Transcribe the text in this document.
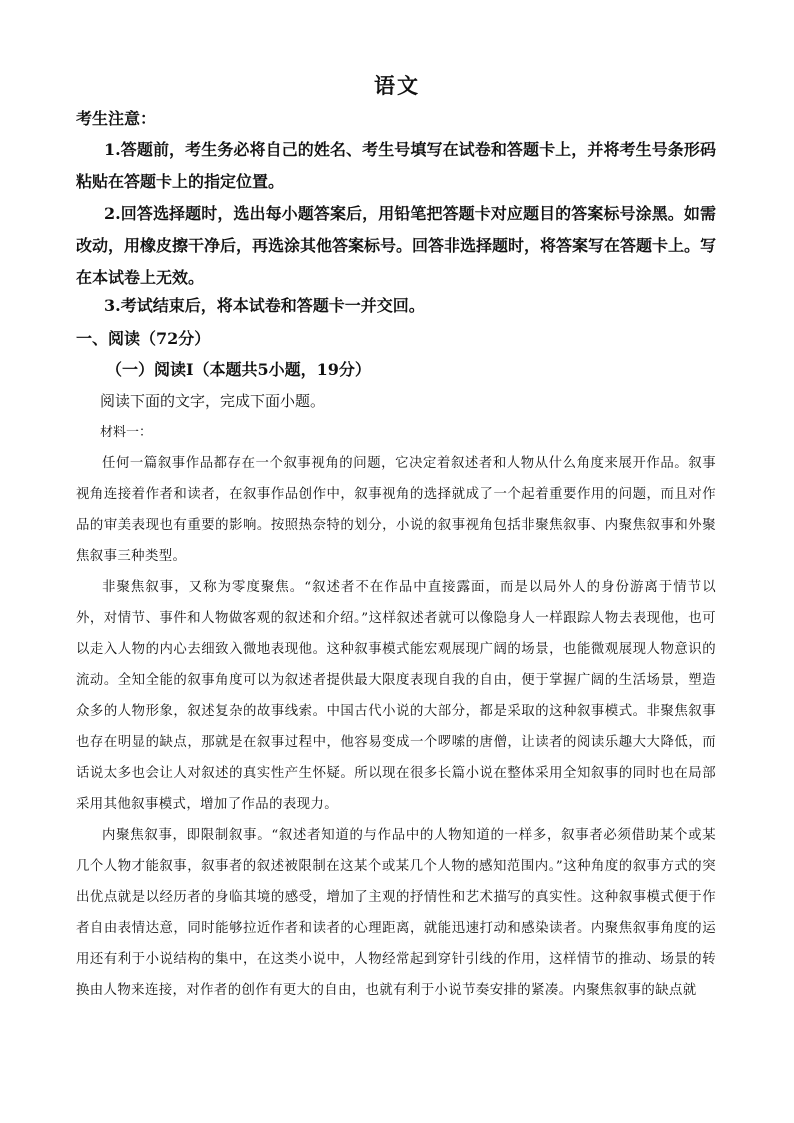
语文
考生注意：
1.答题前，考生务必将自己的姓名、考生号填写在试卷和答题卡上，并将考生号条形码粘贴在答题卡上的指定位置。
2.回答选择题时，选出每小题答案后，用铅笔把答题卡对应题目的答案标号涂黑。如需改动，用橡皮擦干净后，再选涂其他答案标号。回答非选择题时，将答案写在答题卡上。写在本试卷上无效。
3.考试结束后，将本试卷和答题卡一并交回。
一、阅读（72分）
（一）阅读Ⅰ（本题共5小题，19分）
阅读下面的文字，完成下面小题。
材料一：
任何一篇叙事作品都存在一个叙事视角的问题，它决定着叙述者和人物从什么角度来展开作品。叙事视角连接着作者和读者，在叙事作品创作中，叙事视角的选择就成了一个起着重要作用的问题，而且对作品的审美表现也有重要的影响。按照热奈特的划分，小说的叙事视角包括非聚焦叙事、内聚焦叙事和外聚焦叙事三种类型。
非聚焦叙事，又称为零度聚焦。“叙述者不在作品中直接露面，而是以局外人的身份游离于情节以外，对情节、事件和人物做客观的叙述和介绍。”这样叙述者就可以像隐身人一样跟踪人物去表现他，也可以走入人物的内心去细致入微地表现他。这种叙事模式能宏观展现广阔的场景，也能微观展现人物意识的流动。全知全能的叙事角度可以为叙述者提供最大限度表现自我的自由，便于掌握广阔的生活场景，塑造众多的人物形象，叙述复杂的故事线索。中国古代小说的大部分，都是采取的这种叙事模式。非聚焦叙事也存在明显的缺点，那就是在叙事过程中，他容易变成一个啰嗦的唐僧，让读者的阅读乐趣大大降低，而话说太多也会让人对叙述的真实性产生怀疑。所以现在很多长篇小说在整体采用全知叙事的同时也在局部采用其他叙事模式，增加了作品的表现力。
内聚焦叙事，即限制叙事。“叙述者知道的与作品中的人物知道的一样多，叙事者必须借助某个或某几个人物才能叙事，叙事者的叙述被限制在这某个或某几个人物的感知范围内。”这种角度的叙事方式的突出优点就是以经历者的身临其境的感受，增加了主观的抒情性和艺术描写的真实性。这种叙事模式便于作者自由表情达意，同时能够拉近作者和读者的心理距离，就能迅速打动和感染读者。内聚焦叙事角度的运用还有利于小说结构的集中，在这类小说中，人物经常起到穿针引线的作用，这样情节的推动、场景的转换由人物来连接，对作者的创作有更大的自由，也就有利于小说节奏安排的紧凑。内聚焦叙事的缺点就
